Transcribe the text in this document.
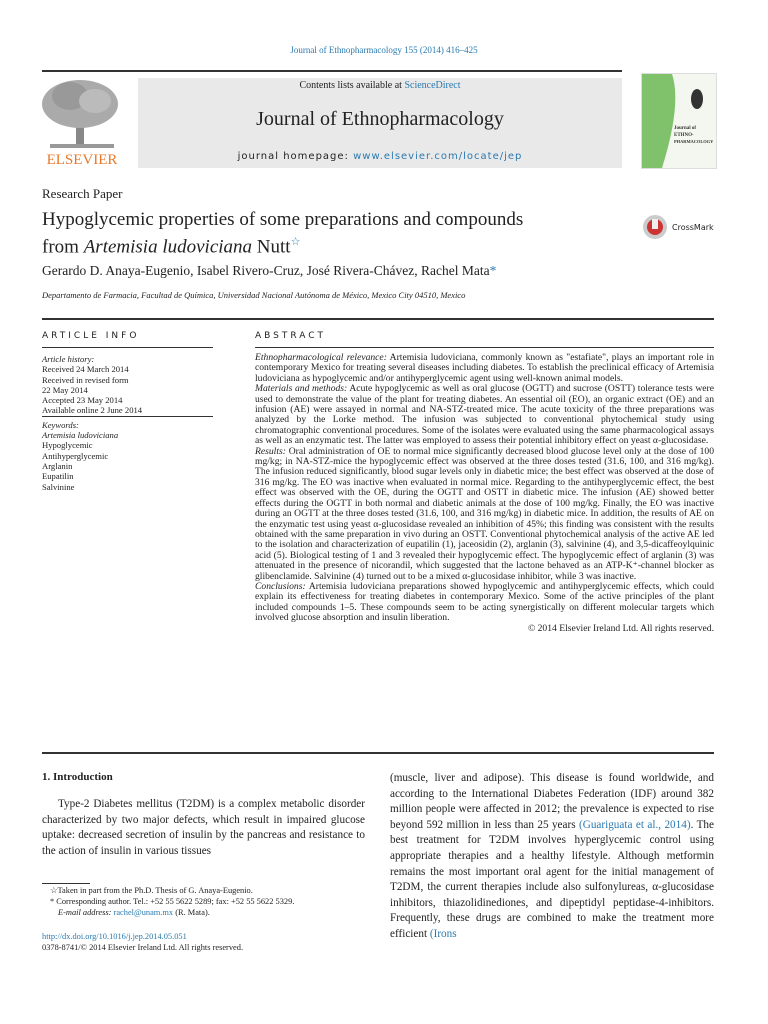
Journal of Ethnopharmacology 155 (2014) 416–425
ELSEVIER
Contents lists available at ScienceDirect
Journal of Ethnopharmacology
journal homepage: www.elsevier.com/locate/jep
Journal of
ETHNO-
PHARMACOLOGY
Research Paper
Hypoglycemic properties of some preparations and compounds
from Artemisia ludoviciana Nutt☆
CrossMark
Gerardo D. Anaya-Eugenio, Isabel Rivero-Cruz, José Rivera-Chávez, Rachel Mata*
Departamento de Farmacia, Facultad de Química, Universidad Nacional Autónoma de México, Mexico City 04510, Mexico
ARTICLE INFO	ABSTRACT
Article history:
Received 24 March 2014
Received in revised form
22 May 2014
Accepted 23 May 2014
Available online 2 June 2014
Keywords:
Artemisia ludoviciana
Hypoglycemic
Antihyperglycemic
Arglanin
Eupatilin
Salvinine

Ethnopharmacological relevance: Artemisia ludoviciana, commonly known as "estafiate", plays an important role in contemporary Mexico for treating several diseases including diabetes. To establish the preclinical efficacy of Artemisia ludoviciana as hypoglycemic and/or antihyperglycemic agent using well-known animal models.

Materials and methods: Acute hypoglycemic as well as oral glucose (OGTT) and sucrose (OSTT) tolerance tests were used to demonstrate the value of the plant for treating diabetes. An essential oil (EO), an organic extract (OE) and an infusion (AE) were assayed in normal and NA-STZ-treated mice. The acute toxicity of the three preparations was analyzed by the Lorke method. The infusion was subjected to conventional phytochemical study using chromatographic conventional procedures. Some of the isolates were evaluated using the same pharmacological assays as well as an enzymatic test. The latter was employed to assess their potential inhibitory effect on yeast α-glucosidase.

Results: Oral administration of OE to normal mice significantly decreased blood glucose level only at the dose of 100 mg/kg; in NA-STZ-mice the hypoglycemic effect was observed at the three doses tested (31.6, 100, and 316 mg/kg). The infusion reduced significantly, blood sugar levels only in diabetic mice; the best effect was observed at the dose of 316 mg/kg. The EO was inactive when evaluated in normal mice. Regarding to the antihyperglycemic effect, the best effect was observed with the OE, during the OGTT and OSTT in diabetic mice. The infusion (AE) showed better effects during the OGTT in both normal and diabetic animals at the dose of 100 mg/kg. Finally, the EO was inactive during an OGTT at the three doses tested (31.6, 100, and 316 mg/kg) in diabetic mice. In addition, the results of AE on the enzymatic test using yeast α-glucosidase revealed an inhibition of 45%; this finding was consistent with the results obtained with the same preparation in vivo during an OSTT. Conventional phytochemical analysis of the active AE led to the isolation and characterization of eupatilin (1), jaceosidin (2), arglanin (3), salvinine (4), and 3,5-dicaffeoylquinic acid (5). Biological testing of 1 and 3 revealed their hypoglycemic effect. The hypoglycemic effect of arglanin (3) was attenuated in the presence of nicorandil, which suggested that the lactone behaved as an ATP-K⁺-channel blocker as glibenclamide. Salvinine (4) turned out to be a mixed α-glucosidase inhibitor, while 3 was inactive.

Conclusions: Artemisia ludoviciana preparations showed hypoglycemic and antihyperglycemic effects, which could explain its effectiveness for treating diabetes in contemporary Mexico. Some of the active principles of the plant included compounds 1–5. These compounds seem to be acting synergistically on different molecular targets which involved glucose absorption and insulin liberation.

© 2014 Elsevier Ireland Ltd. All rights reserved.

1. Introduction
Type-2 Diabetes mellitus (T2DM) is a complex metabolic disorder characterized by two major defects, which result in impaired glucose uptake: decreased secretion of insulin by the pancreas and resistance to the action of insulin in various tissues
(muscle, liver and adipose). This disease is found worldwide, and according to the International Diabetes Federation (IDF) around 382 million people were affected in 2012; the prevalence is expected to rise beyond 592 million in less than 25 years (Guariguata et al., 2014). The best treatment for T2DM involves hyperglycemic control using appropriate therapies and a healthy lifestyle. Although metformin remains the most important oral agent for the initial management of T2DM, the current therapies include also sulfonylureas, α-glucosidase inhibitors, thiazolidinediones, and dipeptidyl peptidase-4-inhibitors. Frequently, these drugs are combined to make the treatment more efficient (Irons
☆Taken in part from the Ph.D. Thesis of G. Anaya-Eugenio.
* Corresponding author. Tel.: +52 55 5622 5289; fax: +52 55 5622 5329.
E-mail address: rachel@unam.mx (R. Mata).
http://dx.doi.org/10.1016/j.jep.2014.05.051
0378-8741/© 2014 Elsevier Ireland Ltd. All rights reserved.
